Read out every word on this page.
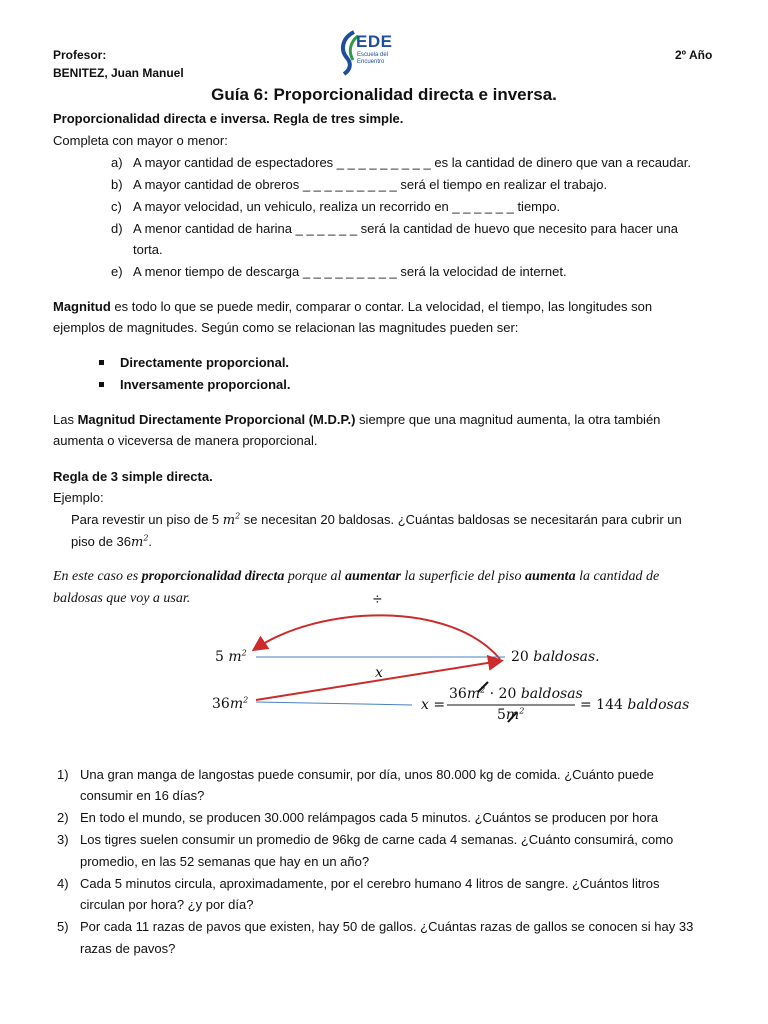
Profesor:
BENITEZ, Juan Manuel
2º Año
EDE
Escuela del
Encuentro
Guía 6: Proporcionalidad directa e inversa.
Proporcionalidad directa e inversa. Regla de tres simple.
Completa con mayor o menor:
a) A mayor cantidad de espectadores _ _ _ _ _ _ _ _ _ es la cantidad de dinero que van a recaudar.
b) A mayor cantidad de obreros _ _ _ _ _ _ _ _ _ será el tiempo en realizar el trabajo.
c) A mayor velocidad, un vehiculo, realiza un recorrido en _ _ _ _ _ _ tiempo.
d) A menor cantidad de harina _ _ _ _ _ _ será la cantidad de huevo que necesito para hacer una
torta.
e) A menor tiempo de descarga _ _ _ _ _ _ _ _ _ será la velocidad de internet.
Magnitud es todo lo que se puede medir, comparar o contar. La velocidad, el tiempo, las longitudes son
ejemplos de magnitudes. Según como se relacionan las magnitudes pueden ser:
Directamente proporcional.
Inversamente proporcional.
Las Magnitud Directamente Proporcional (M.D.P.) siempre que una magnitud aumenta, la otra también
aumenta o viceversa de manera proporcional.
Regla de 3 simple directa.
Ejemplo:
Para revestir un piso de 5 $m^2$ se necesitan 20 baldosas. ¿Cuántas baldosas se necesitarán para cubrir un
piso de $36m^2$.
En este caso es proporcionalidad directa porque al aumentar la superficie del piso aumenta la cantidad de
baldosas que voy a usar.	÷
5 $m^2$	20 baldosas.
x
$36m^2$	x =
$36m^2 \cdot 20$ baldosas
$5m^2$	= 144 baldosas
1) Una gran manga de langostas puede consumir, por día, unos 80.000 kg de comida. ¿Cuánto puede
consumir en 16 días?
2) En todo el mundo, se producen 30.000 relámpagos cada 5 minutos. ¿Cuántos se producen por hora
3) Los tigres suelen consumir un promedio de 96kg de carne cada 4 semanas. ¿Cuánto consumirá, como
promedio, en las 52 semanas que hay en un año?
4) Cada 5 minutos circula, aproximadamente, por el cerebro humano 4 litros de sangre. ¿Cuántos litros
circulan por hora? ¿y por día?
5) Por cada 11 razas de pavos que existen, hay 50 de gallos. ¿Cuántas razas de gallos se conocen si hay 33
razas de pavos?
